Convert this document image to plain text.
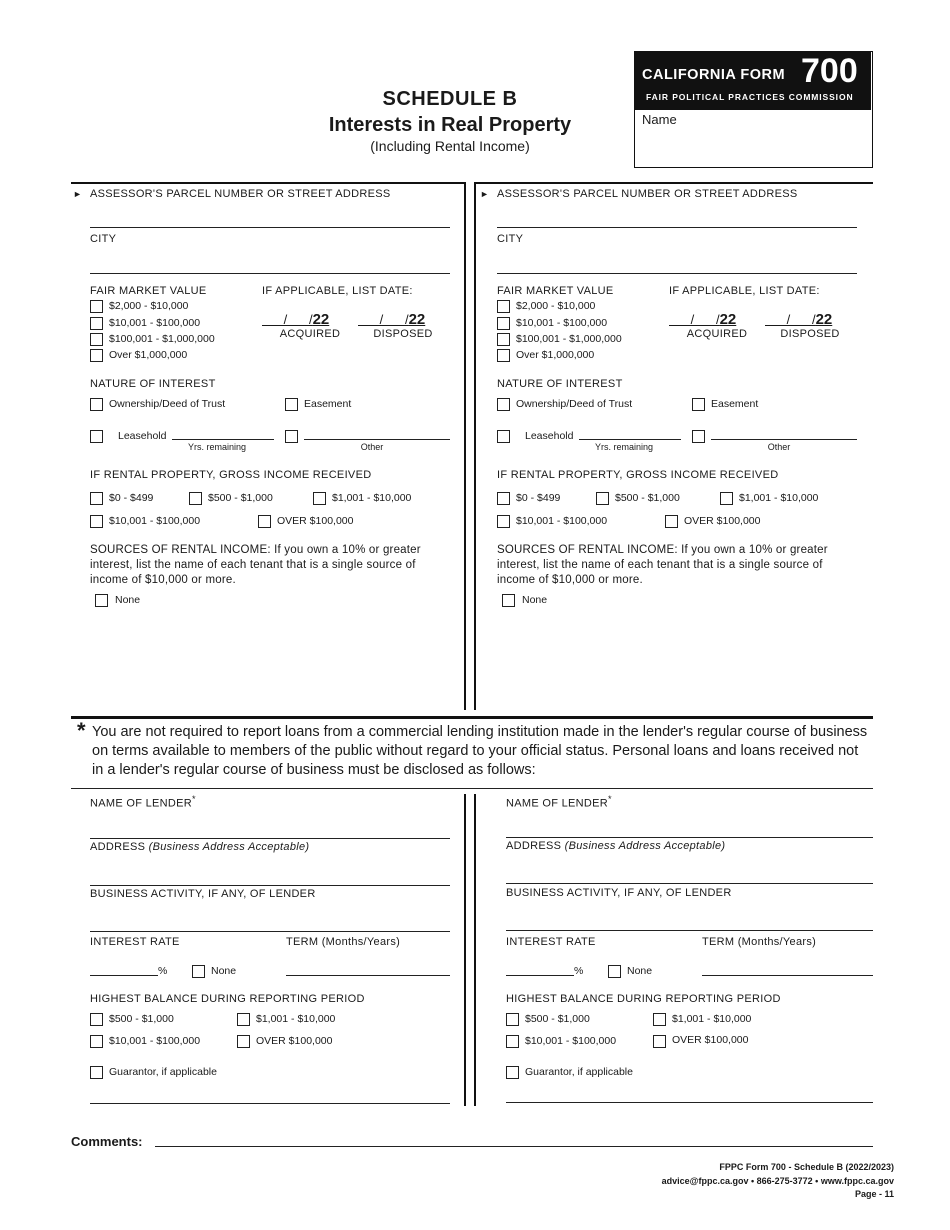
SCHEDULE B
Interests in Real Property
(Including Rental Income)
CALIFORNIA FORM 700
FAIR POLITICAL PRACTICES COMMISSION
Name
► ASSESSOR'S PARCEL NUMBER OR STREET ADDRESS
CITY
FAIR MARKET VALUE
$2,000 - $10,000
$10,001 - $100,000
$100,001 - $1,000,000
Over $1,000,000
IF APPLICABLE, LIST DATE:
/      /22 /      /22
ACQUIRED	DISPOSED
NATURE OF INTEREST
Ownership/Deed of Trust	Easement
Leasehold
Yrs. remaining	Other
IF RENTAL PROPERTY, GROSS INCOME RECEIVED
$0 - $499	$500 - $1,000	$1,001 - $10,000
$10,001 - $100,000	OVER $100,000
SOURCES OF RENTAL INCOME: If you own a 10% or greater interest, list the name of each tenant that is a single source of income of $10,000 or more.
None
► ASSESSOR'S PARCEL NUMBER OR STREET ADDRESS
CITY
FAIR MARKET VALUE
$2,000 - $10,000
$10,001 - $100,000
$100,001 - $1,000,000
Over $1,000,000
IF APPLICABLE, LIST DATE:
/      /22 /      /22
ACQUIRED	DISPOSED
NATURE OF INTEREST
Ownership/Deed of Trust	Easement
Leasehold
Yrs. remaining	Other
IF RENTAL PROPERTY, GROSS INCOME RECEIVED
$0 - $499	$500 - $1,000	$1,001 - $10,000
$10,001 - $100,000	OVER $100,000
SOURCES OF RENTAL INCOME: If you own a 10% or greater interest, list the name of each tenant that is a single source of income of $10,000 or more.
None
* You are not required to report loans from a commercial lending institution made in the lender's regular course of business on terms available to members of the public without regard to your official status. Personal loans and loans received not in a lender's regular course of business must be disclosed as follows:
NAME OF LENDER*
ADDRESS (Business Address Acceptable)
BUSINESS ACTIVITY, IF ANY, OF LENDER
INTEREST RATE	TERM (Months/Years)
%	None
HIGHEST BALANCE DURING REPORTING PERIOD
$500 - $1,000	$1,001 - $10,000
$10,001 - $100,000	OVER $100,000
Guarantor, if applicable
NAME OF LENDER*
ADDRESS (Business Address Acceptable)
BUSINESS ACTIVITY, IF ANY, OF LENDER
INTEREST RATE	TERM (Months/Years)
%	None
HIGHEST BALANCE DURING REPORTING PERIOD
$500 - $1,000	$1,001 - $10,000
$10,001 - $100,000	OVER $100,000
Guarantor, if applicable
Comments:
FPPC Form 700 - Schedule B (2022/2023)
advice@fppc.ca.gov • 866-275-3772 • www.fppc.ca.gov
Page - 11
